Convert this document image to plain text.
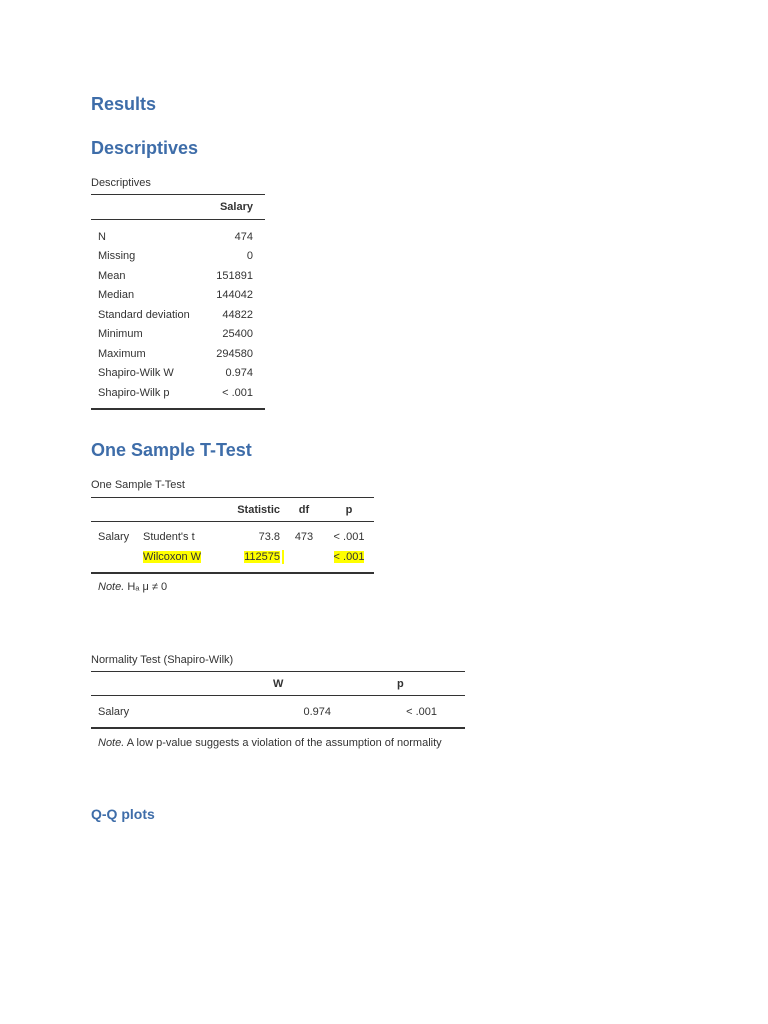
Results
Descriptives
Descriptives
	Salary
N	474
Missing	0
Mean	151891
Median	144042
Standard deviation	44822
Minimum	25400
Maximum	294580
Shapiro-Wilk W	0.974
Shapiro-Wilk p	< .001
One Sample T-Test
One Sample T-Test
		Statistic	df	p
Salary	Student's t	73.8	473	< .001
	Wilcoxon W	112575		< .001
Note. Hₐ μ ≠ 0
Normality Test (Shapiro-Wilk)
	W	p
Salary	0.974	< .001
Note. A low p-value suggests a violation of the assumption of normality
Q-Q plots
